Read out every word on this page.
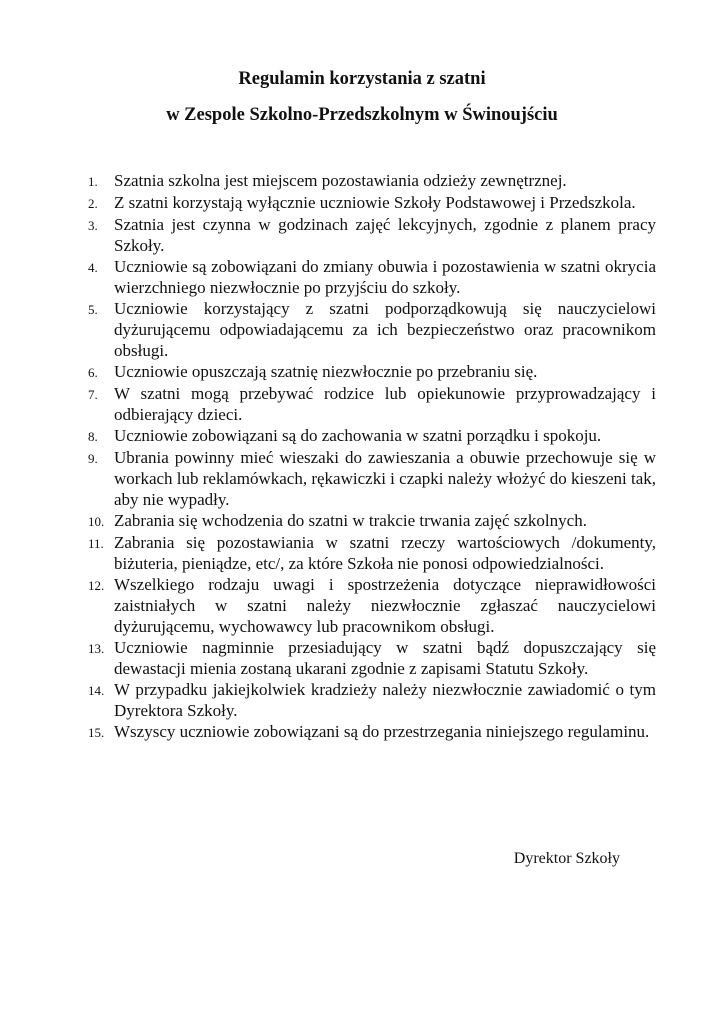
Regulamin korzystania z szatni
w Zespole Szkolno-Przedszkolnym w Świnoujściu
1. Szatnia szkolna jest miejscem pozostawiania odzieży zewnętrznej.
2. Z szatni korzystają wyłącznie uczniowie Szkoły Podstawowej i Przedszkola.
3. Szatnia jest czynna w godzinach zajęć lekcyjnych, zgodnie z planem pracy Szkoły.
4. Uczniowie są zobowiązani do zmiany obuwia i pozostawienia w szatni okrycia wierzchniego niezwłocznie po przyjściu do szkoły.
5. Uczniowie korzystający z szatni podporządkowują się nauczycielowi dyżurującemu odpowiadającemu za ich bezpieczeństwo oraz pracownikom obsługi.
6. Uczniowie opuszczają szatnię niezwłocznie po przebraniu się.
7. W szatni mogą przebywać rodzice lub opiekunowie przyprowadzający i odbierający dzieci.
8. Uczniowie zobowiązani są do zachowania w szatni porządku i spokoju.
9. Ubrania powinny mieć wieszaki do zawieszania a obuwie przechowuje się w workach lub reklamówkach, rękawiczki i czapki należy włożyć do kieszeni tak, aby nie wypadły.
10. Zabrania się wchodzenia do szatni w trakcie trwania zajęć szkolnych.
11. Zabrania się pozostawiania w szatni rzeczy wartościowych /dokumenty, biżuteria, pieniądze, etc/, za które Szkoła nie ponosi odpowiedzialności.
12. Wszelkiego rodzaju uwagi i spostrzeżenia dotyczące nieprawidłowości zaistniałych w szatni należy niezwłocznie zgłaszać nauczycielowi dyżurującemu, wychowawcy lub pracownikom obsługi.
13. Uczniowie nagminnie przesiadujący w szatni bądź dopuszczający się dewastacji mienia zostaną ukarani zgodnie z zapisami Statutu Szkoły.
14. W przypadku jakiejkolwiek kradzieży należy niezwłocznie zawiadomić o tym Dyrektora Szkoły.
15. Wszyscy uczniowie zobowiązani są do przestrzegania niniejszego regulaminu.

Dyrektor Szkoły
